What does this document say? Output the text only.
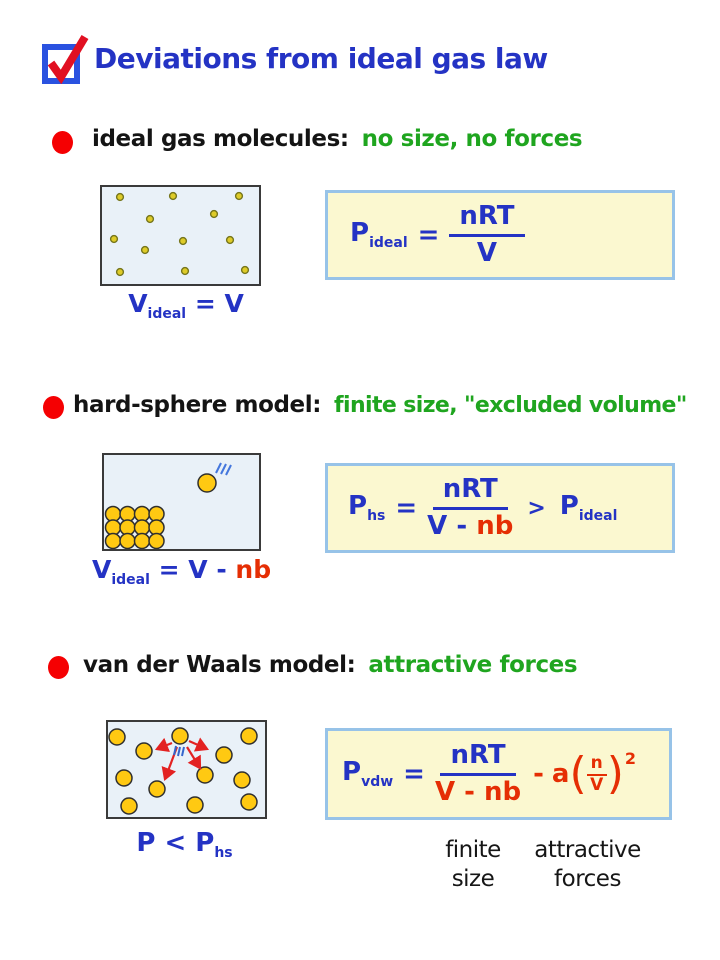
Deviations from ideal gas law
ideal gas molecules: no size, no forces
$V_{ideal} = V$
$P_{ideal} = \frac{\text{nRT}}{V}$
hard-sphere model: finite size, "excluded volume"
$V_{ideal} = V$ - nb
$P_{hs} = \frac{\text{nRT}}{V - nb} > P_{ideal}$
van der Waals model: attractive forces
$P < P_{hs}$
$P_{vdw} = \frac{\text{nRT}}{V - nb} - a$ ( $\frac{n}{V}$ ) 2
finite
size
attractive
forces
